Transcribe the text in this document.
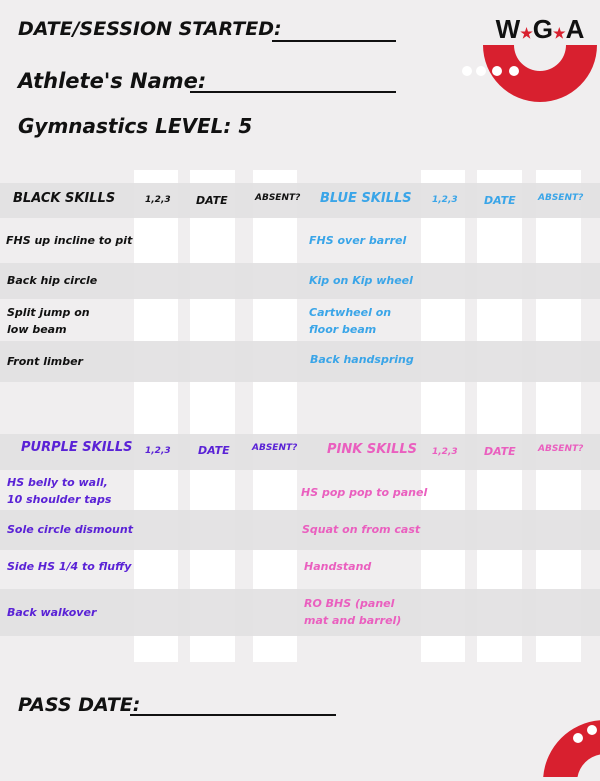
DATE/SESSION STARTED:
Athlete's Name:
Gymnastics LEVEL: 5
W★G★A
BLACK SKILLS	1,2,3 DATE	ABSENT? BLUE SKILLS 1,2,3 DATE ABSENT?
FHS up incline to pit
Back hip circle
Split jump on low beam
Front limber
FHS over barrel
Kip on Kip wheel
Cartwheel on floor beam
Back handspring
PURPLE SKILLS 1,2,3 DATE ABSENT? PINK SKILLS 1,2,3 DATE ABSENT?
HS belly to wall, 10 shoulder taps
Sole circle dismount
Side HS 1/4 to fluffy
Back walkover
HS pop pop to panel
Squat on from cast
Handstand
RO BHS (panel mat and barrel)
PASS DATE:
